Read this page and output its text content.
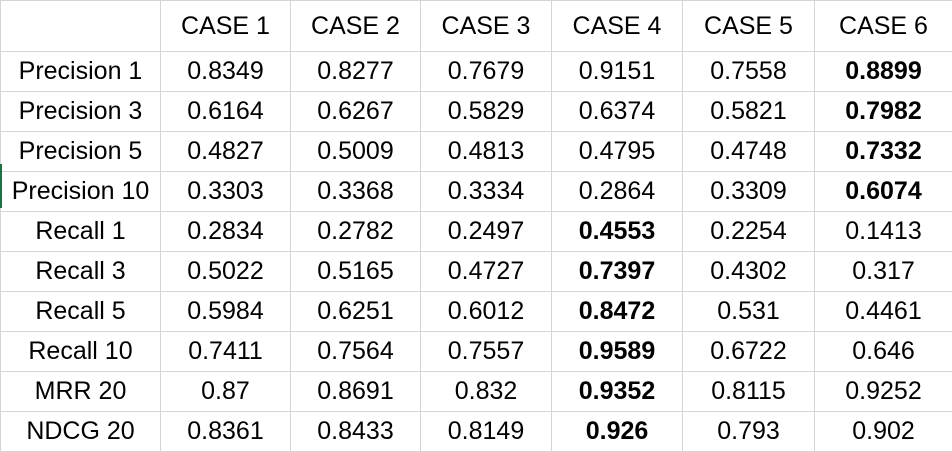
	CASE 1	CASE 2	CASE 3	CASE 4	CASE 5	CASE 6
Precision 1	0.8349	0.8277	0.7679	0.9151	0.7558	0.8899
Precision 3	0.6164	0.6267	0.5829	0.6374	0.5821	0.7982
Precision 5	0.4827	0.5009	0.4813	0.4795	0.4748	0.7332
Precision 10	0.3303	0.3368	0.3334	0.2864	0.3309	0.6074
Recall 1	0.2834	0.2782	0.2497	0.4553	0.2254	0.1413
Recall 3	0.5022	0.5165	0.4727	0.7397	0.4302	0.317
Recall 5	0.5984	0.6251	0.6012	0.8472	0.531	0.4461
Recall 10	0.7411	0.7564	0.7557	0.9589	0.6722	0.646
MRR 20	0.87	0.8691	0.832	0.9352	0.8115	0.9252
NDCG 20	0.8361	0.8433	0.8149	0.926	0.793	0.902
